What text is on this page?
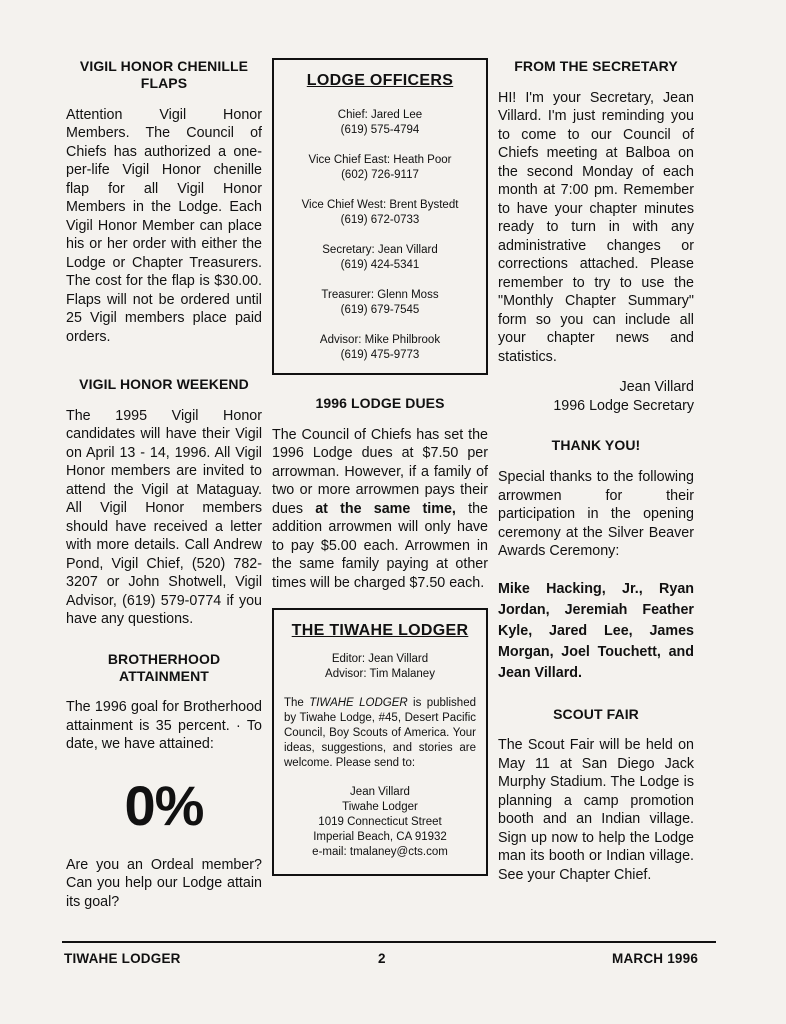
VIGIL HONOR CHENILLE FLAPS

Attention Vigil Honor Members. The Council of Chiefs has authorized a one-per-life Vigil Honor chenille flap for all Vigil Honor Members in the Lodge. Each Vigil Honor Member can place his or her order with either the Lodge or Chapter Treasurers. The cost for the flap is $30.00. Flaps will not be ordered until 25 Vigil members place paid orders.

VIGIL HONOR WEEKEND

The 1995 Vigil Honor candidates will have their Vigil on April 13 - 14, 1996. All Vigil Honor members are invited to attend the Vigil at Mataguay. All Vigil Honor members should have received a letter with more details. Call Andrew Pond, Vigil Chief, (520) 782-3207 or John Shotwell, Vigil Advisor, (619) 579-0774 if you have any questions.

BROTHERHOOD ATTAINMENT

The 1996 goal for Brotherhood attainment is 35 percent. · To date, we have attained:

0%

Are you an Ordeal member? Can you help our Lodge attain its goal?

LODGE OFFICERS
Chief: Jared Lee
(619) 575-4794
Vice Chief East: Heath Poor
(602) 726-9117
Vice Chief West: Brent Bystedt
(619) 672-0733
Secretary: Jean Villard
(619) 424-5341
Treasurer: Glenn Moss
(619) 679-7545
Advisor: Mike Philbrook
(619) 475-9773
1996 LODGE DUES

The Council of Chiefs has set the 1996 Lodge dues at $7.50 per arrowman. However, if a family of two or more arrowmen pays their dues at the same time, the addition arrowmen will only have to pay $5.00 each. Arrowmen in the same family paying at other times will be charged $7.50 each.

THE TIWAHE LODGER
Editor: Jean Villard
Advisor: Tim Malaney

The TIWAHE LODGER is published by Tiwahe Lodge, #45, Desert Pacific Council, Boy Scouts of America. Your ideas, suggestions, and stories are welcome. Please send to:

Jean Villard
Tiwahe Lodger
1019 Connecticut Street
Imperial Beach, CA 91932
e-mail: tmalaney@cts.com
FROM THE SECRETARY

HI! I'm your Secretary, Jean Villard. I'm just reminding you to come to our Council of Chiefs meeting at Balboa on the second Monday of each month at 7:00 pm. Remember to have your chapter minutes ready to turn in with any administrative changes or corrections attached. Please remember to try to use the "Monthly Chapter Summary" form so you can include all your chapter news and statistics.

Jean Villard
1996 Lodge Secretary
THANK YOU!

Special thanks to the following arrowmen for their participation in the opening ceremony at the Silver Beaver Awards Ceremony:

Mike Hacking, Jr., Ryan Jordan, Jeremiah Feather Kyle, Jared Lee, James Morgan, Joel Touchett, and Jean Villard.

SCOUT FAIR

The Scout Fair will be held on May 11 at San Diego Jack Murphy Stadium. The Lodge is planning a camp promotion booth and an Indian village. Sign up now to help the Lodge man its booth or Indian village. See your Chapter Chief.

TIWAHE LODGER	2	MARCH 1996
